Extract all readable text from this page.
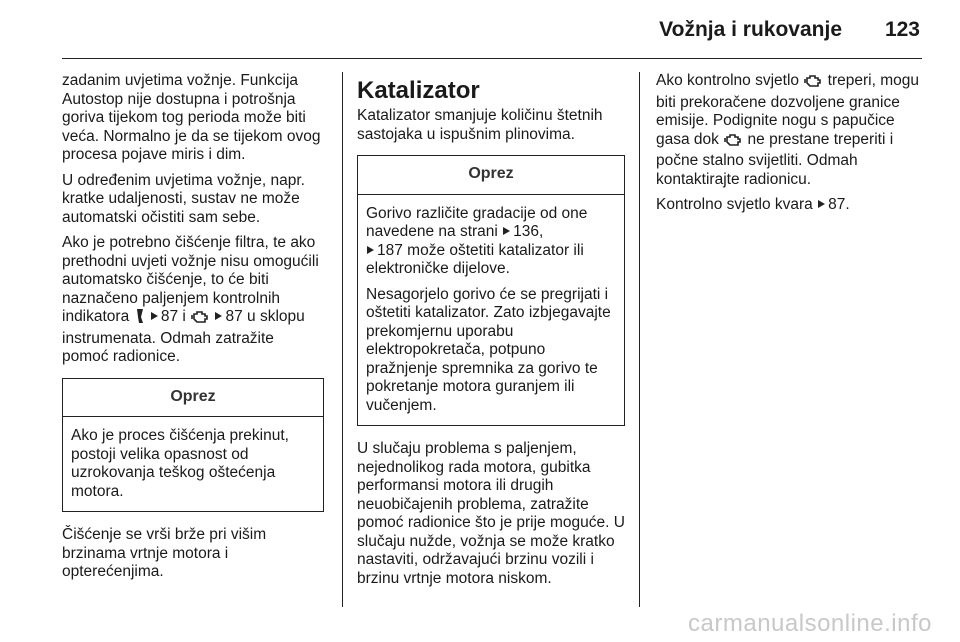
Vožnja i rukovanje	123

zadanim uvjetima vožnje. Funkcija Autostop nije dostupna i potrošnja goriva tijekom tog perioda može biti veća. Normalno je da se tijekom ovog procesa pojave miris i dim.

U određenim uvjetima vožnje, napr. kratke udaljenosti, sustav ne može automatski očistiti sam sebe.

Ako je potrebno čišćenje filtra, te ako prethodni uvjeti vožnje nisu omogućili automatsko čišćenje, to će biti naznačeno paljenjem kontrolnih indikatora 87 i	87 u sklopu instrumenata. Odmah zatražite pomoć radionice.

Oprez

Ako je proces čišćenja prekinut, postoji velika opasnost od uzrokovanja teškog oštećenja motora.

Čišćenje se vrši brže pri višim brzinama vrtnje motora i opterećenjima.

Katalizator

Katalizator smanjuje količinu štetnih sastojaka u ispušnim plinovima.

Oprez

Gorivo različite gradacije od one navedene na strani 136,
187 može oštetiti katalizator ili elektroničke dijelove.

Nesagorjelo gorivo će se pregrijati i oštetiti katalizator. Zato izbjegavajte prekomjernu uporabu elektropokretača, potpuno pražnjenje spremnika za gorivo te pokretanje motora guranjem ili vučenjem.

U slučaju problema s paljenjem, nejednolikog rada motora, gubitka performansi motora ili drugih neuobičajenih problema, zatražite pomoć radionice što je prije moguće. U slučaju nužde, vožnja se može kratko nastaviti, održavajući brzinu vozili i brzinu vrtnje motora niskom.

Ako kontrolno svjetlo treperi, mogu biti prekoračene dozvoljene granice emisije. Podignite nogu s papučice gasa dok ne prestane treperiti i počne stalno svijetliti. Odmah kontaktirajte radionicu.

Kontrolno svjetlo kvara 87.

carmanualsonline.info
